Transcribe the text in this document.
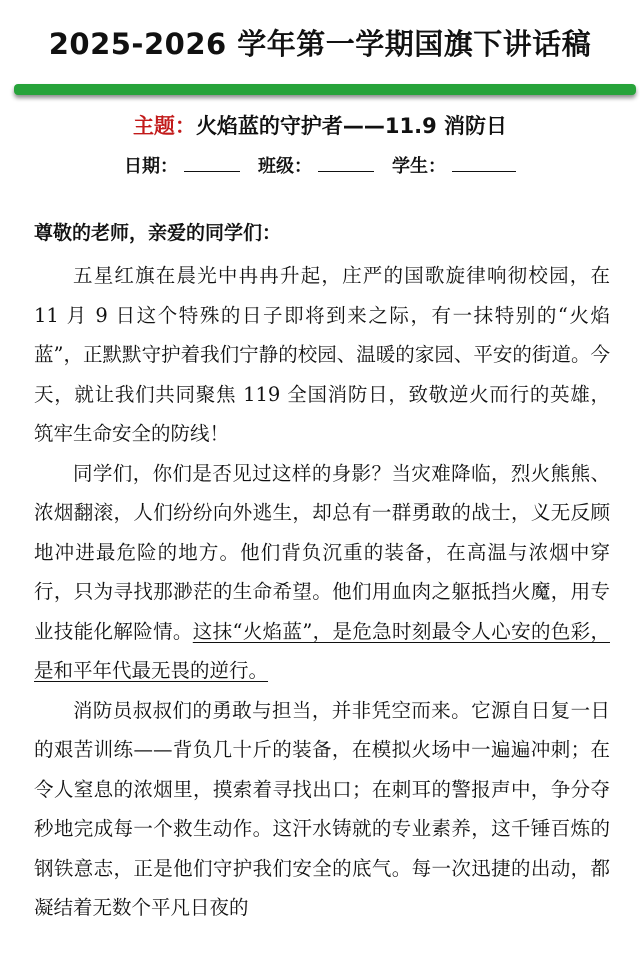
2025-2026 学年第一学期国旗下讲话稿
主题：火焰蓝的守护者——11.9 消防日
日期：	班级：	学生：
尊敬的老师，亲爱的同学们：

五星红旗在晨光中冉冉升起，庄严的国歌旋律响彻校园，在 11 月 9 日这个特殊的日子即将到来之际，有一抹特别的“火焰蓝”，正默默守护着我们宁静的校园、温暖的家园、平安的街道。今天，就让我们共同聚焦 119 全国消防日，致敬逆火而行的英雄，筑牢生命安全的防线！

同学们，你们是否见过这样的身影？当灾难降临，烈火熊熊、浓烟翻滚，人们纷纷向外逃生，却总有一群勇敢的战士，义无反顾地冲进最危险的地方。他们背负沉重的装备，在高温与浓烟中穿行，只为寻找那渺茫的生命希望。他们用血肉之躯抵挡火魔，用专业技能化解险情。这抹“火焰蓝”，是危急时刻最令人心安的色彩，是和平年代最无畏的逆行。

消防员叔叔们的勇敢与担当，并非凭空而来。它源自日复一日的艰苦训练——背负几十斤的装备，在模拟火场中一遍遍冲刺；在令人窒息的浓烟里，摸索着寻找出口；在刺耳的警报声中，争分夺秒地完成每一个救生动作。这汗水铸就的专业素养，这千锤百炼的钢铁意志，正是他们守护我们安全的底气。每一次迅捷的出动，都凝结着无数个平凡日夜的
